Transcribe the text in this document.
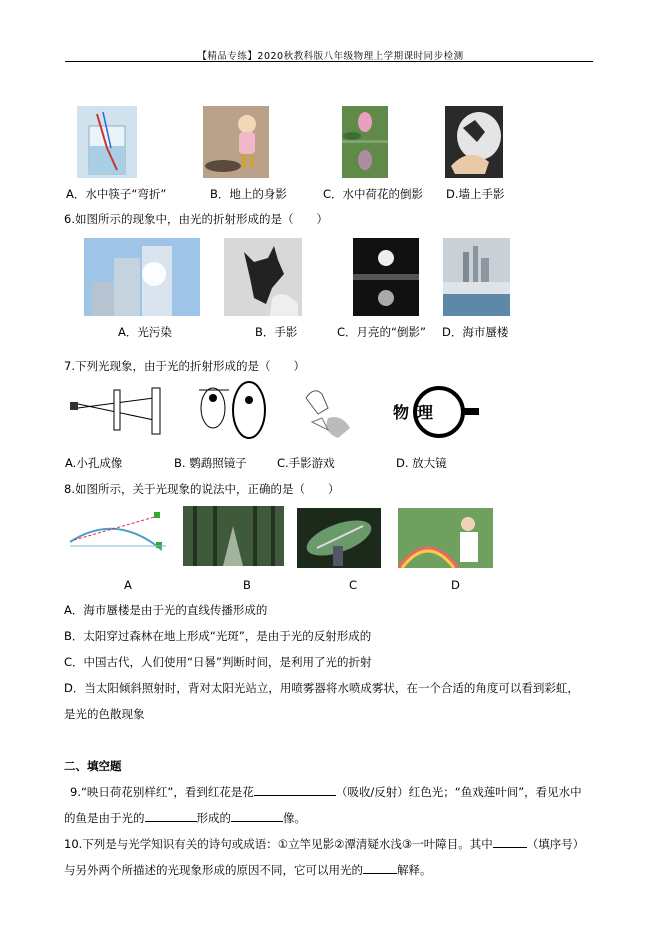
【精品专练】2020秋教科版八年级物理上学期课时同步检测
A．水中筷子“弯折”	B．地上的身影	C．水中荷花的倒影 D.墙上手影
6.如图所示的现象中，由光的折射形成的是（　　）
A．光污染	B．手影	C．月亮的“倒影” D．海市蜃楼
7.下列光现象，由于光的折射形成的是（　　）
物理
A.小孔成像	B. 鹦鹉照镜子	C.手影游戏	D. 放大镜
8.如图所示，关于光现象的说法中，正确的是（　　）
A	B	C	D
A．海市蜃楼是由于光的直线传播形成的
B．太阳穿过森林在地上形成“光斑”，是由于光的反射形成的
C．中国古代，人们使用“日晷”判断时间，是利用了光的折射
D．当太阳倾斜照射时，背对太阳光站立，用喷雾器将水喷成雾状，在一个合适的角度可以看到彩虹，
是光的色散现象
二、填空题
9.“映日荷花别样红”，看到红花是花	（吸收/反射）红色光；“鱼戏莲叶间”，看见水中
的鱼是由于光的	形成的	像。
10.下列是与光学知识有关的诗句或成语：①立竿见影②潭清疑水浅③一叶障目。其中	（填序号）
与另外两个所描述的光现象形成的原因不同，它可以用光的	解释。
